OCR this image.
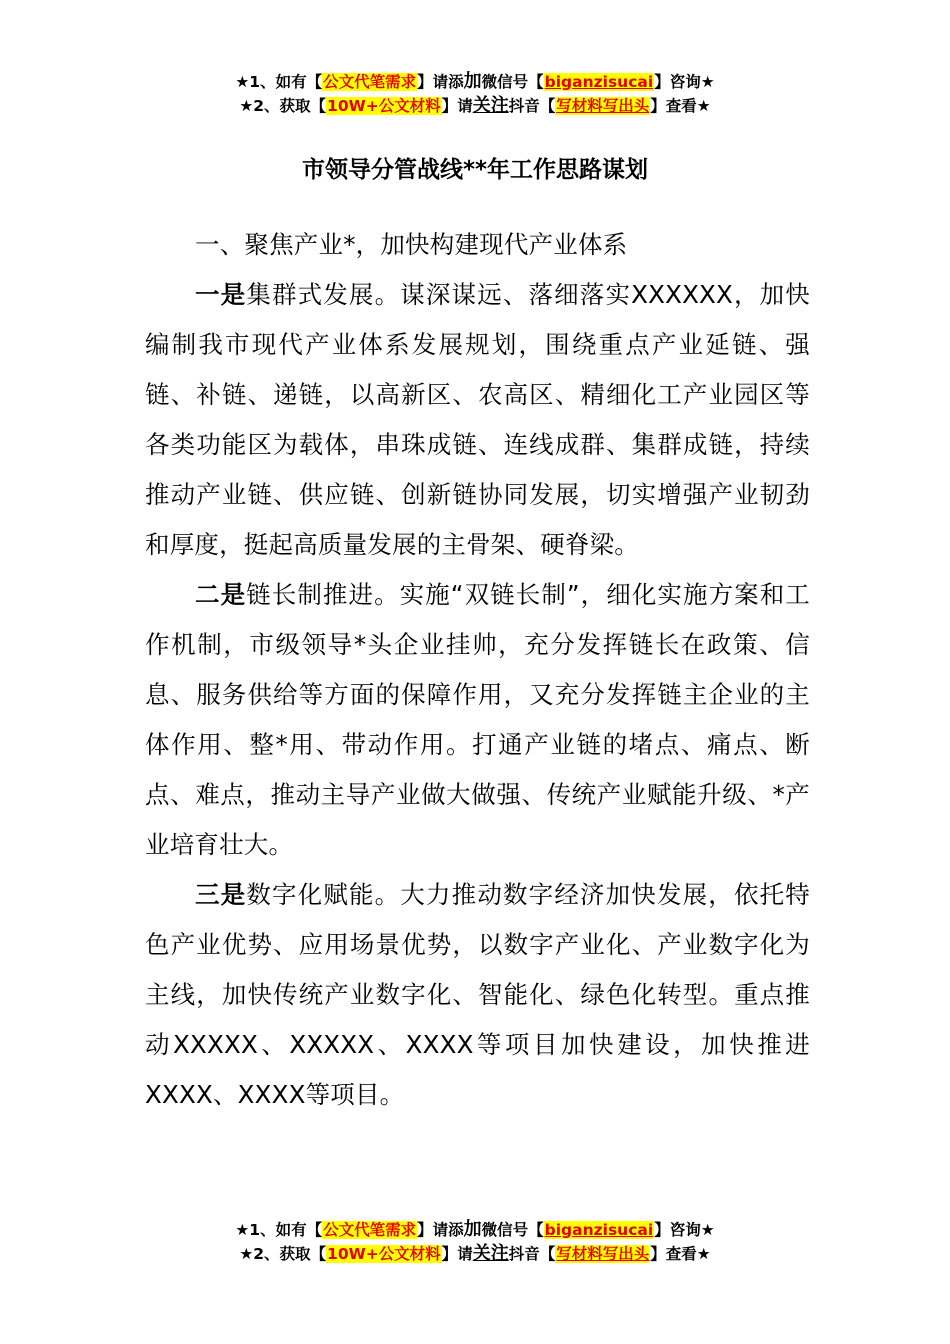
★1、如有【公文代笔需求】请添加微信号【biganzisucai】咨询★
★2、获取【10W+公文材料】请关注抖音【写材料写出头】查看★
市领导分管战线**年工作思路谋划

一、聚焦产业*，加快构建现代产业体系

一是集群式发展。谋深谋远、落细落实XXXXXX，加快编制我市现代产业体系发展规划，围绕重点产业延链、强链、补链、递链，以高新区、农高区、精细化工产业园区等各类功能区为载体，串珠成链、连线成群、集群成链，持续推动产业链、供应链、创新链协同发展，切实增强产业韧劲和厚度，挺起高质量发展的主骨架、硬脊梁。

二是链长制推进。实施“双链长制”，细化实施方案和工作机制，市级领导*头企业挂帅，充分发挥链长在政策、信息、服务供给等方面的保障作用，又充分发挥链主企业的主体作用、整*用、带动作用。打通产业链的堵点、痛点、断点、难点，推动主导产业做大做强、传统产业赋能升级、*产业培育壮大。

三是数字化赋能。大力推动数字经济加快发展，依托特色产业优势、应用场景优势，以数字产业化、产业数字化为主线，加快传统产业数字化、智能化、绿色化转型。重点推动XXXXX、XXXXX、XXXX等项目加快建设，加快推进XXXX、XXXX等项目。

★1、如有【公文代笔需求】请添加微信号【biganzisucai】咨询★
★2、获取【10W+公文材料】请关注抖音【写材料写出头】查看★
